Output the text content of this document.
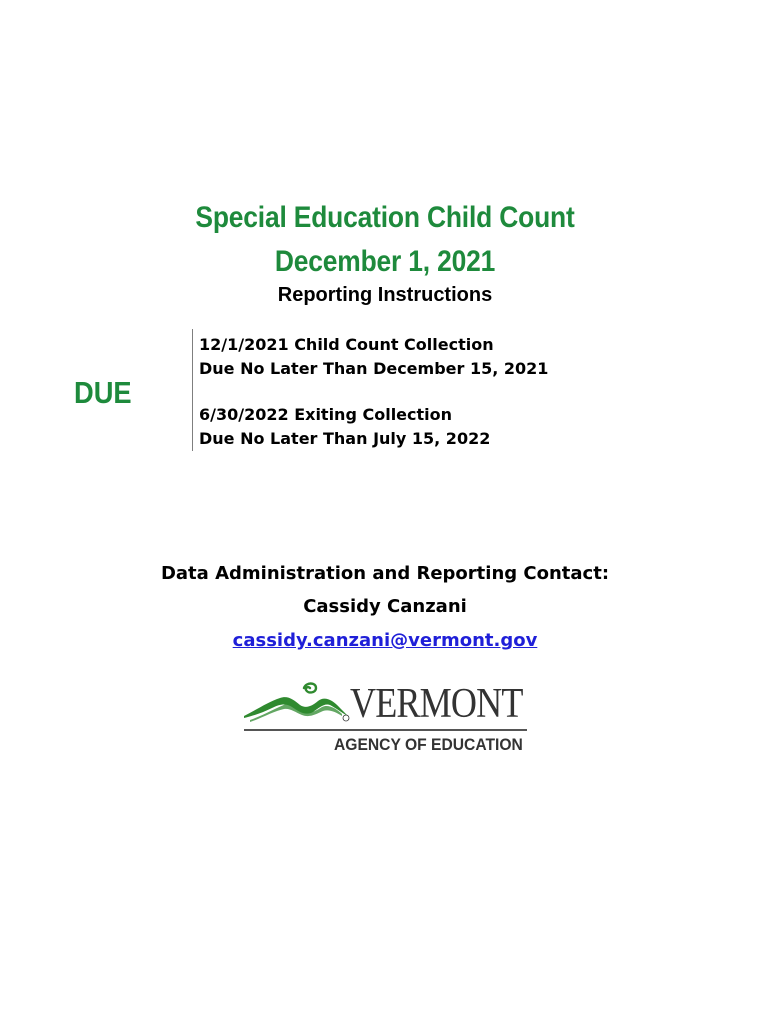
Special Education Child Count
December 1, 2021
Reporting Instructions
DUE
12/1/2021 Child Count Collection
Due No Later Than December 15, 2021
6/30/2022 Exiting Collection
Due No Later Than July 15, 2022
Data Administration and Reporting Contact:
Cassidy Canzani
cassidy.canzani@vermont.gov
VERMONT
AGENCY OF EDUCATION
